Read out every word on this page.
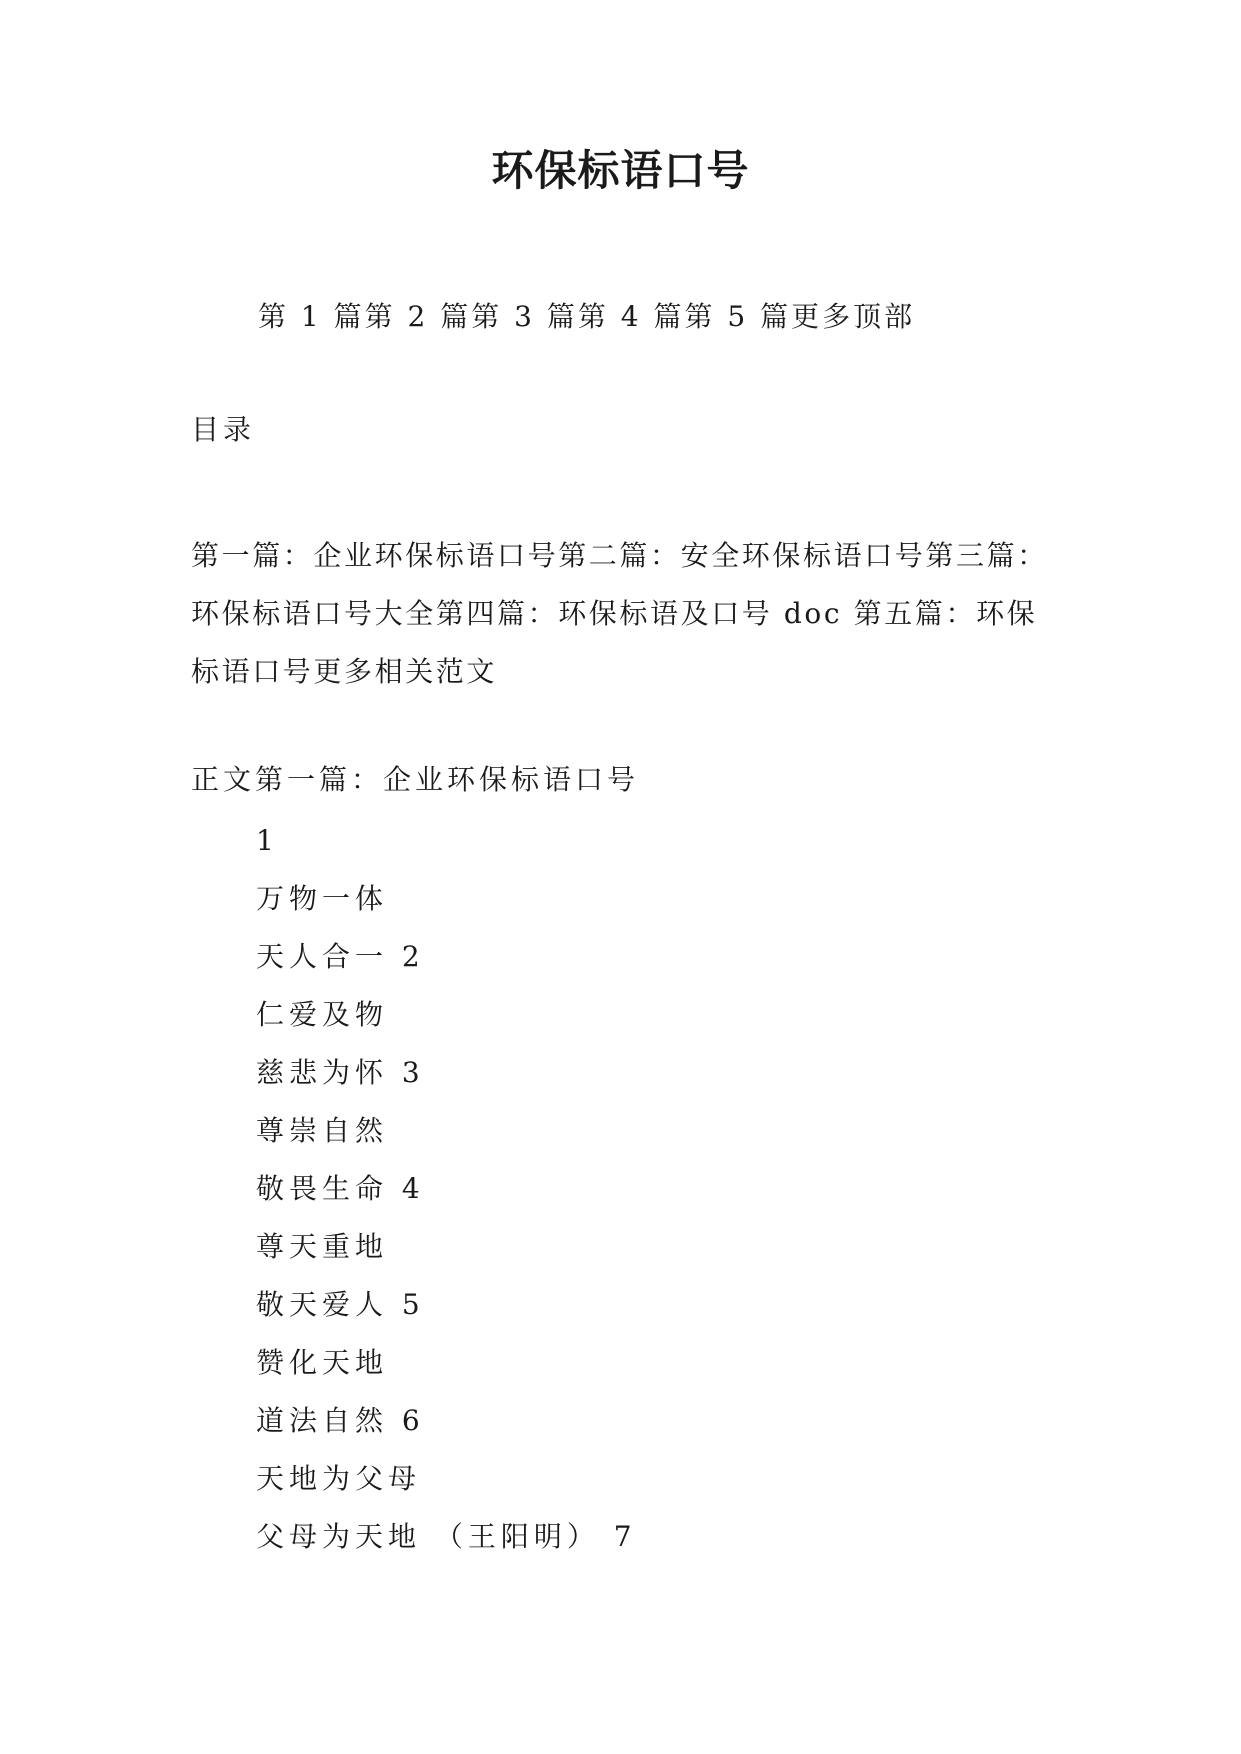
环保标语口号
第 1 篇第 2 篇第 3 篇第 4 篇第 5 篇更多顶部
目录
第一篇：企业环保标语口号第二篇：安全环保标语口号第三篇：环保标语口号大全第四篇：环保标语及口号 doc 第五篇：环保标语口号更多相关范文
正文第一篇：企业环保标语口号
1
万物一体
天人合一 2
仁爱及物
慈悲为怀 3
尊崇自然
敬畏生命 4
尊天重地
敬天爱人 5
赞化天地
道法自然 6
天地为父母
父母为天地 （王阳明） 7
